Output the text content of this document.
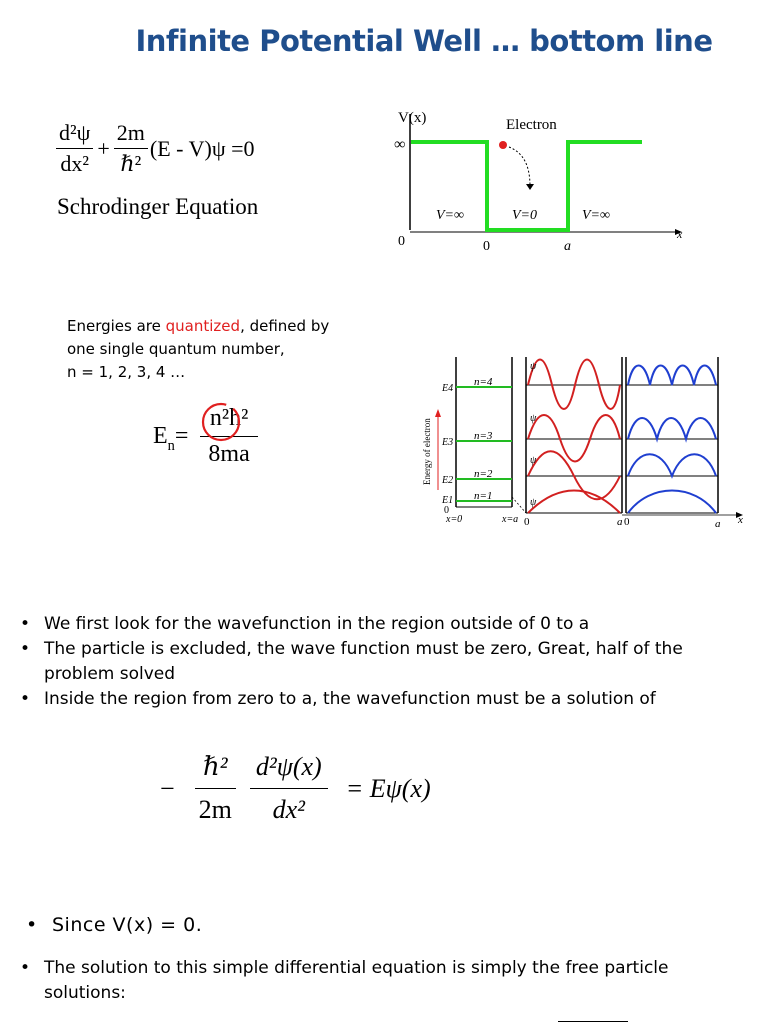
Infinite Potential Well … bottom line
$\frac{\text{d²ψ}}{\text{dx²}} + \frac{2m}{\text{ℏ²}} (E - V)\psi =0$
Schrodinger Equation
V(x)
∞
Electron
V=∞	V=0	V=∞
x
0	0	a
Energies are quantized, defined by
one single quantum number,
n = 1, 2, 3, 4 …
$E_n = \frac{\text{n²h²}}{8ma}$
n=4
n=3
n=2
n=1
E4
E3
E2
E1
0
Energy of electron
x=0	x=a
ψ
ψ
ψ
ψ
0	a 0	a x
• We first look for the wavefunction in the region outside of 0 to a
• The particle is excluded, the wave function must be zero, Great, half of the problem solved
• Inside the region from zero to a, the wavefunction must be a solution of
− $\frac{\text{ℏ²}}{2m} \frac{\text{d²ψ(x)}}{\text{dx²}} = E\psi(x)$
• Since V(x) = 0.
• The solution to this simple differential equation is simply the free particle solutions:
